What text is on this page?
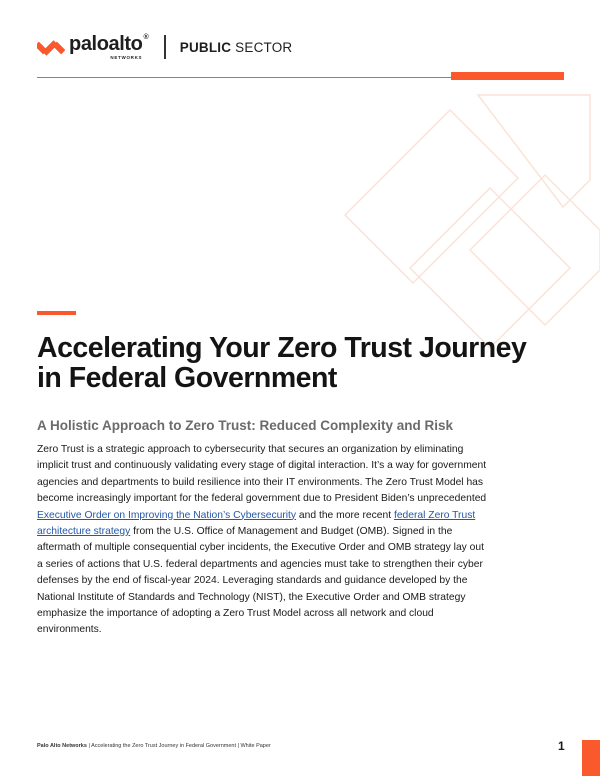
paloalto®
NETWORKS
PUBLIC SECTOR
Accelerating Your Zero Trust Journey in Federal Government
A Holistic Approach to Zero Trust: Reduced Complexity and Risk

Zero Trust is a strategic approach to cybersecurity that secures an organization by eliminating implicit trust and continuously validating every stage of digital interaction. It’s a way for government agencies and departments to build resilience into their IT environments. The Zero Trust Model has become increasingly important for the federal government due to President Biden’s unprecedented Executive Order on Improving the Nation’s Cybersecurity and the more recent federal Zero Trust architecture strategy from the U.S. Office of Management and Budget (OMB). Signed in the aftermath of multiple consequential cyber incidents, the Executive Order and OMB strategy lay out a series of actions that U.S. federal departments and agencies must take to strengthen their cyber defenses by the end of fiscal-year 2024. Leveraging standards and guidance developed by the National Institute of Standards and Technology (NIST), the Executive Order and OMB strategy emphasize the importance of adopting a Zero Trust Model across all network and cloud environments.

Palo Alto Networks | Accelerating the Zero Trust Journey in Federal Government | White Paper	1
